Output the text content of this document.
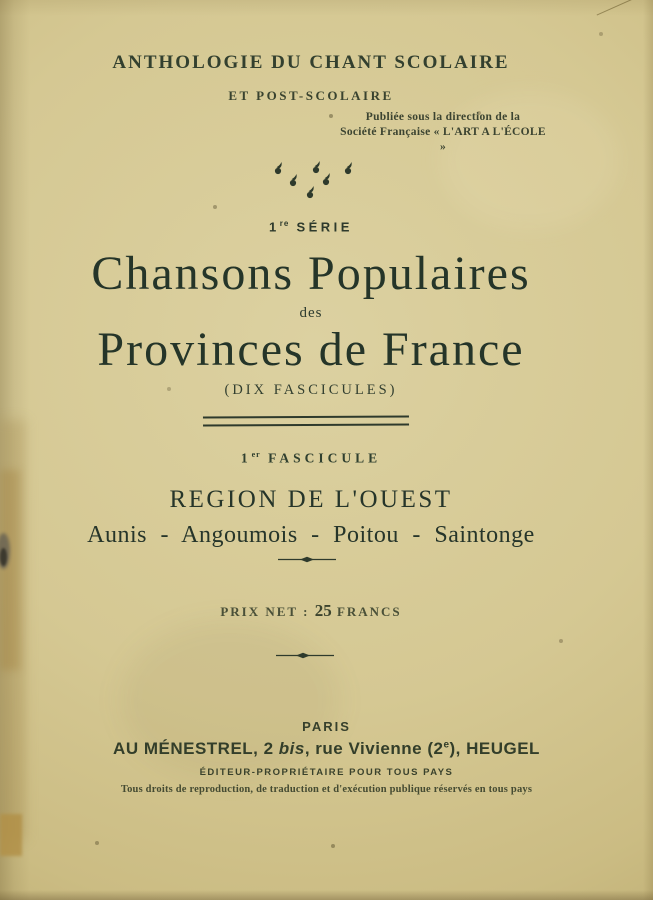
ANTHOLOGIE DU CHANT SCOLAIRE
ET POST-SCOLAIRE
Publiée sous la direction de la
Société Française « L'ART A L'ÉCOLE »
1re SÉRIE
Chansons Populaires
des
Provinces de France
(DIX FASCICULES)
1er FASCICULE
REGION DE L'OUEST
Aunis - Angoumois - Poitou - Saintonge
PRIX NET : 25 FRANCS
PARIS
AU MÉNESTREL, 2 bis, rue Vivienne (2e), HEUGEL
ÉDITEUR-PROPRIÉTAIRE POUR TOUS PAYS
Tous droits de reproduction, de traduction et d'exécution publique réservés en tous pays
